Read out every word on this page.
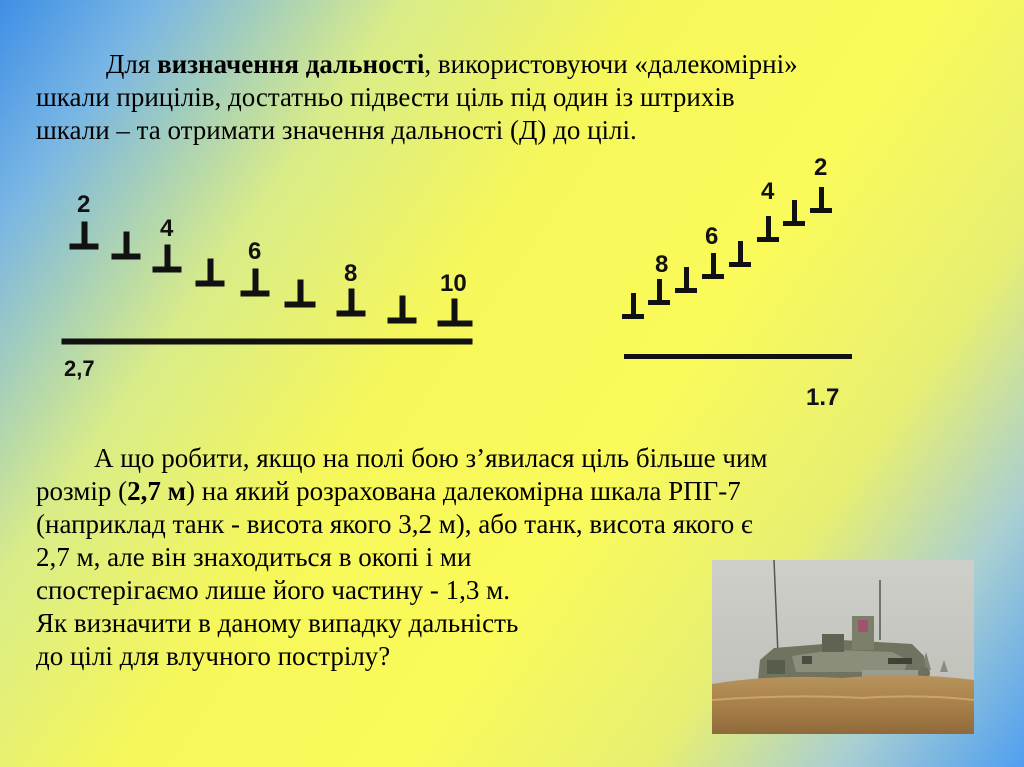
Для визначення дальності, використовуючи «далекомірні»
шкали прицілів, достатньо підвести ціль під один із штрихів
шкали – та отримати значення дальності (Д) до цілі.
2
4
6
8	10
2,7
8
6
4
2
1.7
А що робити, якщо на полі бою з’явилася ціль більше чим
розмір (2,7 м) на який розрахована далекомірна шкала РПГ-7
(наприклад танк - висота якого 3,2 м), або танк, висота якого є
2,7 м, але він знаходиться в окопі і ми
спостерігаємо лише його частину - 1,3 м.
Як визначити в даному випадку дальність
до цілі для влучного пострілу?
